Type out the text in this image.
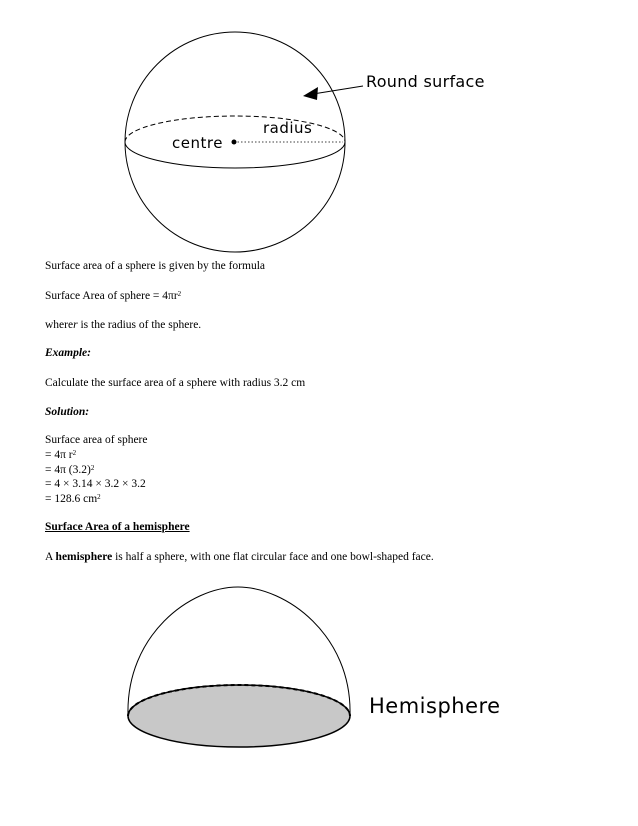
Round surface
radius
centre
Surface area of a sphere is given by the formula
Surface Area of sphere = $4\pi r^2$
wherer is the radius of the sphere.
Example:
Calculate the surface area of a sphere with radius 3.2 cm
Solution:
Surface area of sphere
= 4π $r^2$
= 4π $(3.2)^2$
= 4 × 3.14 × 3.2 × 3.2
= 128.6 $cm^2$
Surface Area of a hemisphere
A hemisphere is half a sphere, with one flat circular face and one bowl-shaped face.
Hemisphere
